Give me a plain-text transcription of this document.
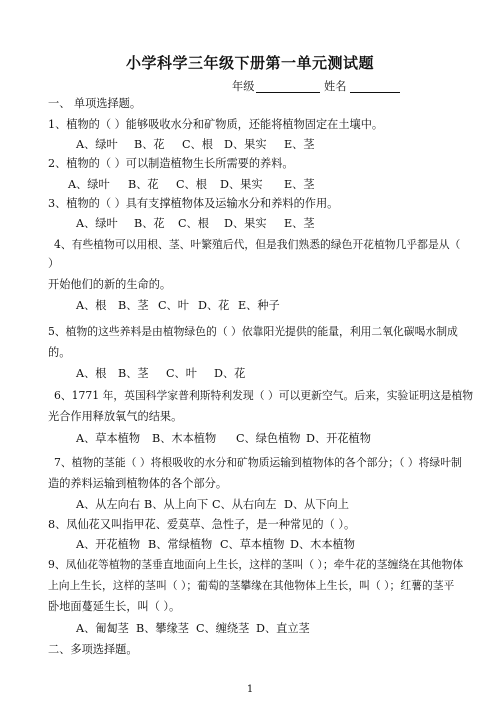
小学科学三年级下册第一单元测试题
年级	姓名
一、 单项选择题。
1、植物的（ ）能够吸收水分和矿物质，还能将植物固定在土壤中。
A、绿叶 B、花 C、根 D、果实 E、茎
2、植物的（ ）可以制造植物生长所需要的养料。
A、绿叶 B、花 C、根 D、果实 E、茎
3、植物的（ ）具有支撑植物体及运输水分和养料的作用。
A、绿叶 B、花 C、根 D、果实 E、茎
4、有些植物可以用根、茎、叶繁殖后代，但是我们熟悉的绿色开花植物几乎都是从（
）
开始他们的新的生命的。
A、根 B、茎 C、叶 D、花 E、种子
5、植物的这些养料是由植物绿色的（ ）依靠阳光提供的能量，利用二氧化碳喝水制成
的。
A、根 B、茎 C、叶 D、花
6、1771 年，英国科学家普利斯特利发现（ ）可以更新空气。后来，实验证明这是植物
光合作用释放氧气的结果。
A、草本植物 B、木本植物 C、绿色植物 D、开花植物
7、植物的茎能（ ）将根吸收的水分和矿物质运输到植物体的各个部分；（ ）将绿叶制
造的养料运输到植物体的各个部分。
A、从左向右 B、从上向下 C、从右向左 D、从下向上
8、凤仙花又叫指甲花、爱莫草、急性子，是一种常见的（ ）。
A、开花植物 B、常绿植物 C、草本植物 D、木本植物
9、凤仙花等植物的茎垂直地面向上生长，这样的茎叫（ ）；牵牛花的茎缠绕在其他物体
上向上生长，这样的茎叫（ ）；葡萄的茎攀缘在其他物体上生长，叫（ ）；红薯的茎平
卧地面蔓延生长，叫（ ）。
A、匍匐茎 B、攀缘茎 C、缠绕茎 D、直立茎
二、多项选择题。
1
